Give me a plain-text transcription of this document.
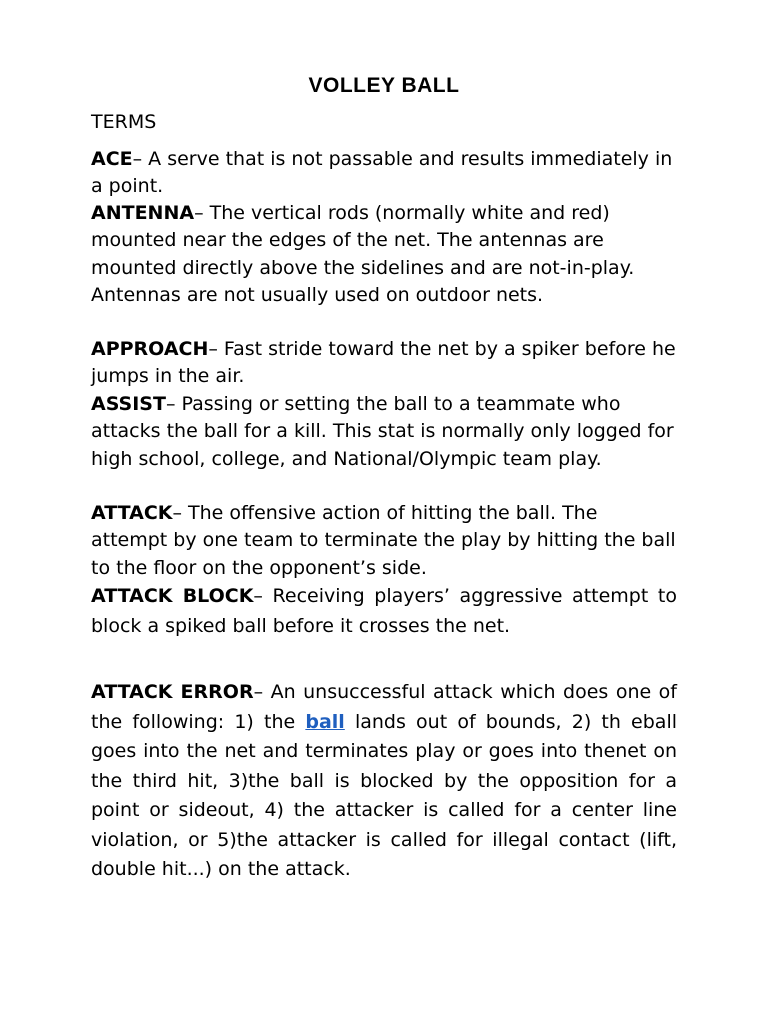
VOLLEY BALL
TERMS

ACE– A serve that is not passable and results immediately in a point.

ANTENNA– The vertical rods (normally white and red) mounted near the edges of the net. The antennas are mounted directly above the sidelines and are not-in-play. Antennas are not usually used on outdoor nets.

APPROACH– Fast stride toward the net by a spiker before he jumps in the air.

ASSIST– Passing or setting the ball to a teammate who attacks the ball for a kill. This stat is normally only logged for high school, college, and National/Olympic team play.

ATTACK– The offensive action of hitting the ball. The attempt by one team to terminate the play by hitting the ball to the floor on the opponent’s side.

ATTACK BLOCK– Receiving players’ aggressive attempt to block a spiked ball before it crosses the net.

ATTACK ERROR– An unsuccessful attack which does one of the following: 1) the ball lands out of bounds, 2) th eball goes into the net and terminates play or goes into thenet on the third hit, 3)the ball is blocked by the opposition for a point or sideout, 4) the attacker is called for a center line violation, or 5)the attacker is called for illegal contact (lift, double hit...) on the attack.
